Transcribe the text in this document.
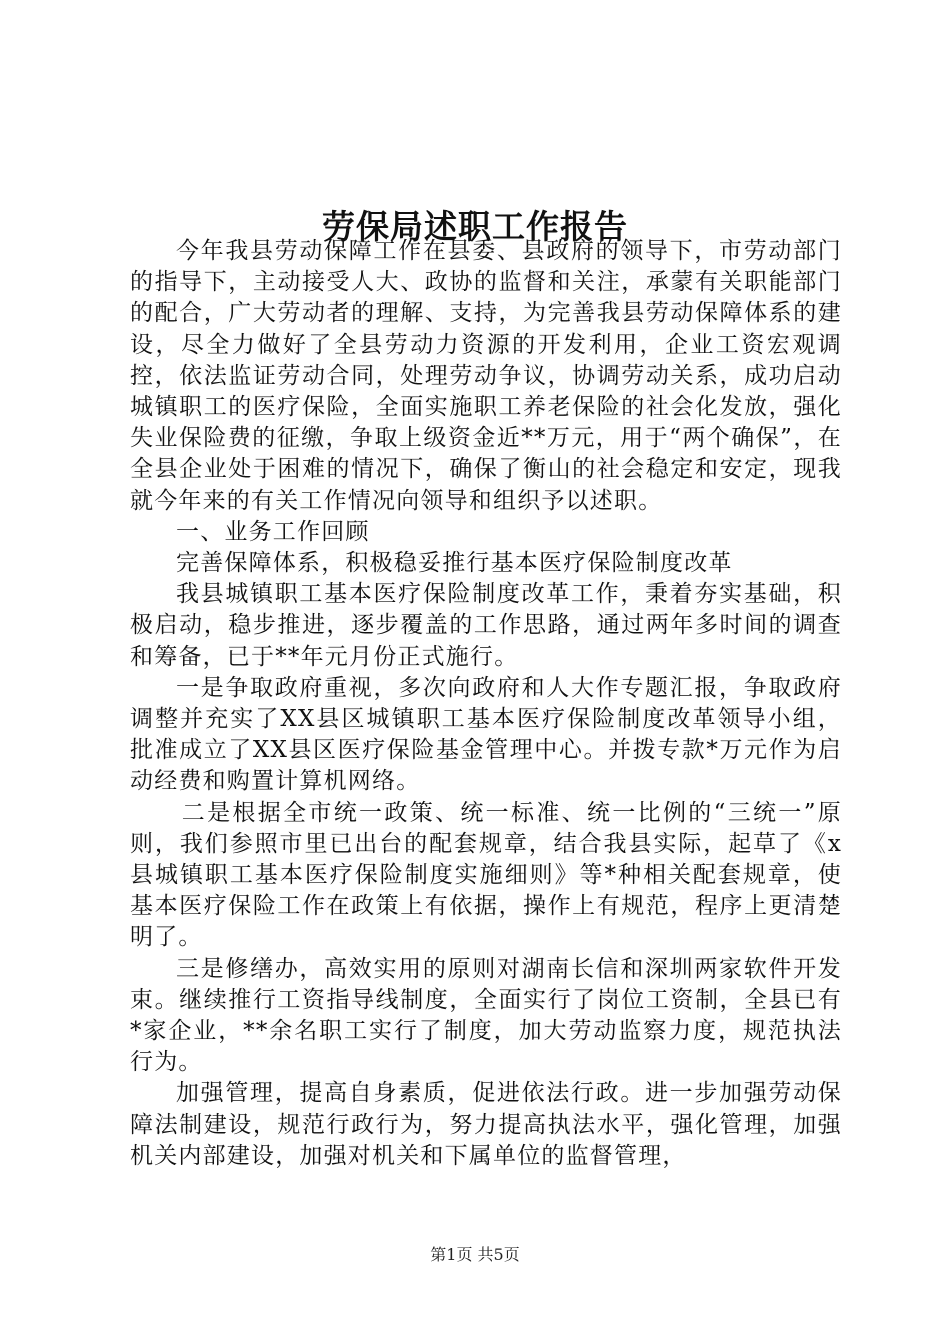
劳保局述职工作报告

今年我县劳动保障工作在县委、县政府的领导下，市劳动部门的指导下，主动接受人大、政协的监督和关注，承蒙有关职能部门的配合，广大劳动者的理解、支持，为完善我县劳动保障体系的建设，尽全力做好了全县劳动力资源的开发利用，企业工资宏观调控，依法监证劳动合同，处理劳动争议，协调劳动关系，成功启动城镇职工的医疗保险，全面实施职工养老保险的社会化发放，强化失业保险费的征缴，争取上级资金近**万元，用于“两个确保”，在全县企业处于困难的情况下，确保了衡山的社会稳定和安定，现我就今年来的有关工作情况向领导和组织予以述职。

一、业务工作回顾

完善保障体系，积极稳妥推行基本医疗保险制度改革

我县城镇职工基本医疗保险制度改革工作，秉着夯实基础，积极启动，稳步推进，逐步覆盖的工作思路，通过两年多时间的调查和筹备，已于**年元月份正式施行。

一是争取政府重视，多次向政府和人大作专题汇报，争取政府调整并充实了XX县区城镇职工基本医疗保险制度改革领导小组，批准成立了XX县区医疗保险基金管理中心。并拨专款*万元作为启动经费和购置计算机网络。

二是根据全市统一政策、统一标准、统一比例的“三统一”原则，我们参照市里已出台的配套规章，结合我县实际，起草了《x县城镇职工基本医疗保险制度实施细则》等*种相关配套规章，使基本医疗保险工作在政策上有依据，操作上有规范，程序上更清楚明了。

三是修缮办，高效实用的原则对湖南长信和深圳两家软件开发束。继续推行工资指导线制度，全面实行了岗位工资制，全县已有*家企业，**余名职工实行了制度，加大劳动监察力度，规范执法行为。

加强管理，提高自身素质，促进依法行政。进一步加强劳动保障法制建设，规范行政行为，努力提高执法水平，强化管理，加强机关内部建设，加强对机关和下属单位的监督管理，

第1页 共5页
